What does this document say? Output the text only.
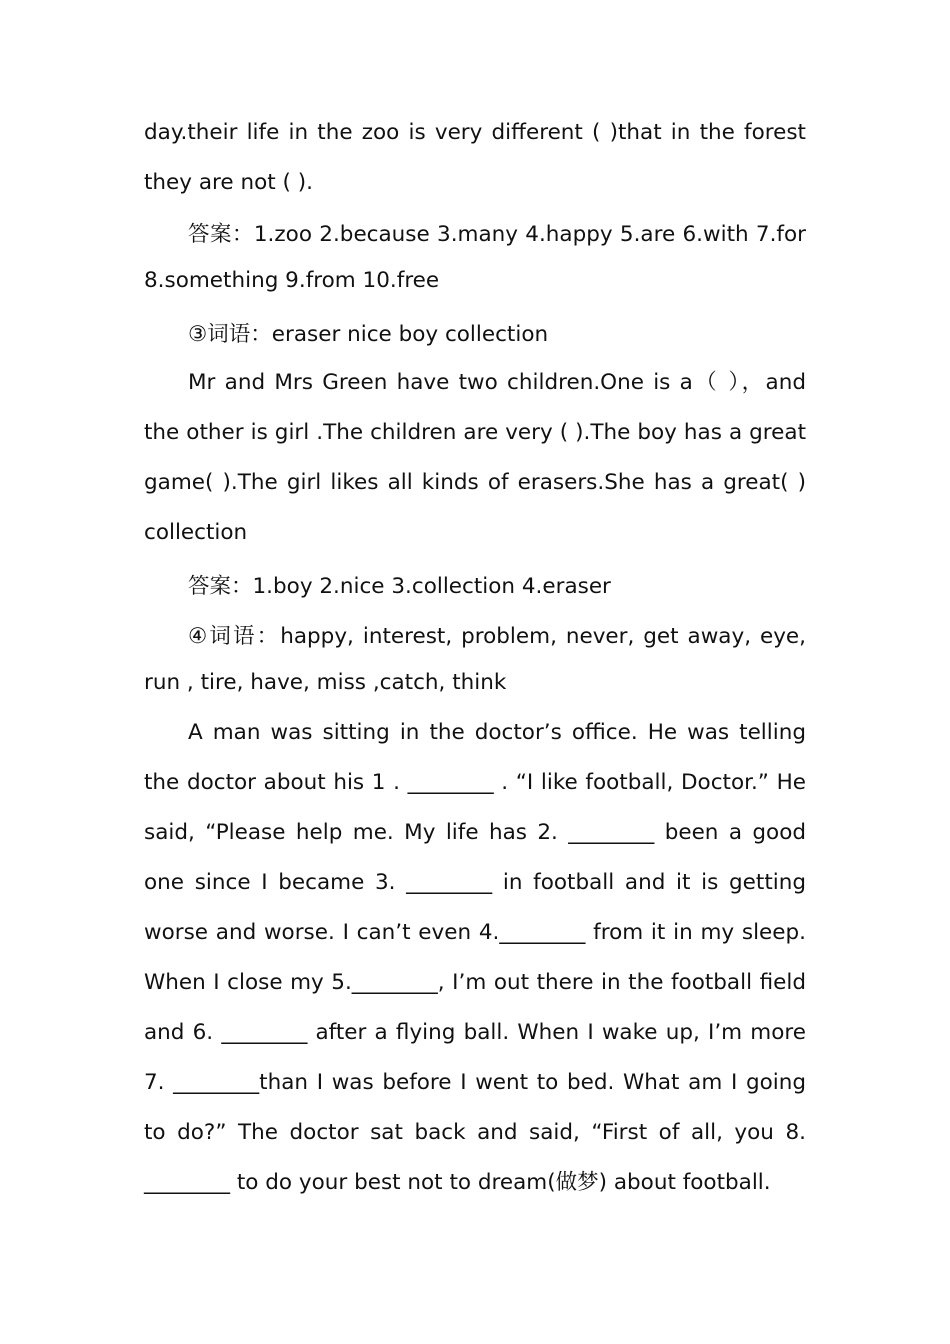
day.their life in the zoo is very different ( )that in the forest they are not ( ).

答案：1.zoo 2.because 3.many 4.happy 5.are 6.with 7.for 8.something 9.from 10.free

③词语：eraser nice boy collection

Mr and Mrs Green have two children.One is a（ ），and the other is girl .The children are very ( ).The boy has a great game( ).The girl likes all kinds of erasers.She has a great( ) collection

答案：1.boy 2.nice 3.collection 4.eraser

④词语：happy, interest, problem, never, get away, eye, run , tire, have, miss ,catch, think

A man was sitting in the doctor’s office. He was telling the doctor about his 1 . ________ . “I like football, Doctor.” He said, “Please help me. My life has 2. ________ been a good one since I became 3. ________ in football and it is getting worse and worse. I can’t even 4.________ from it in my sleep. When I close my 5.________, I’m out there in the football field and 6. ________ after a flying ball. When I wake up, I’m more 7. ________than I was before I went to bed. What am I going to do?” The doctor sat back and said, “First of all, you 8. ________ to do your best not to dream(做梦) about football.
